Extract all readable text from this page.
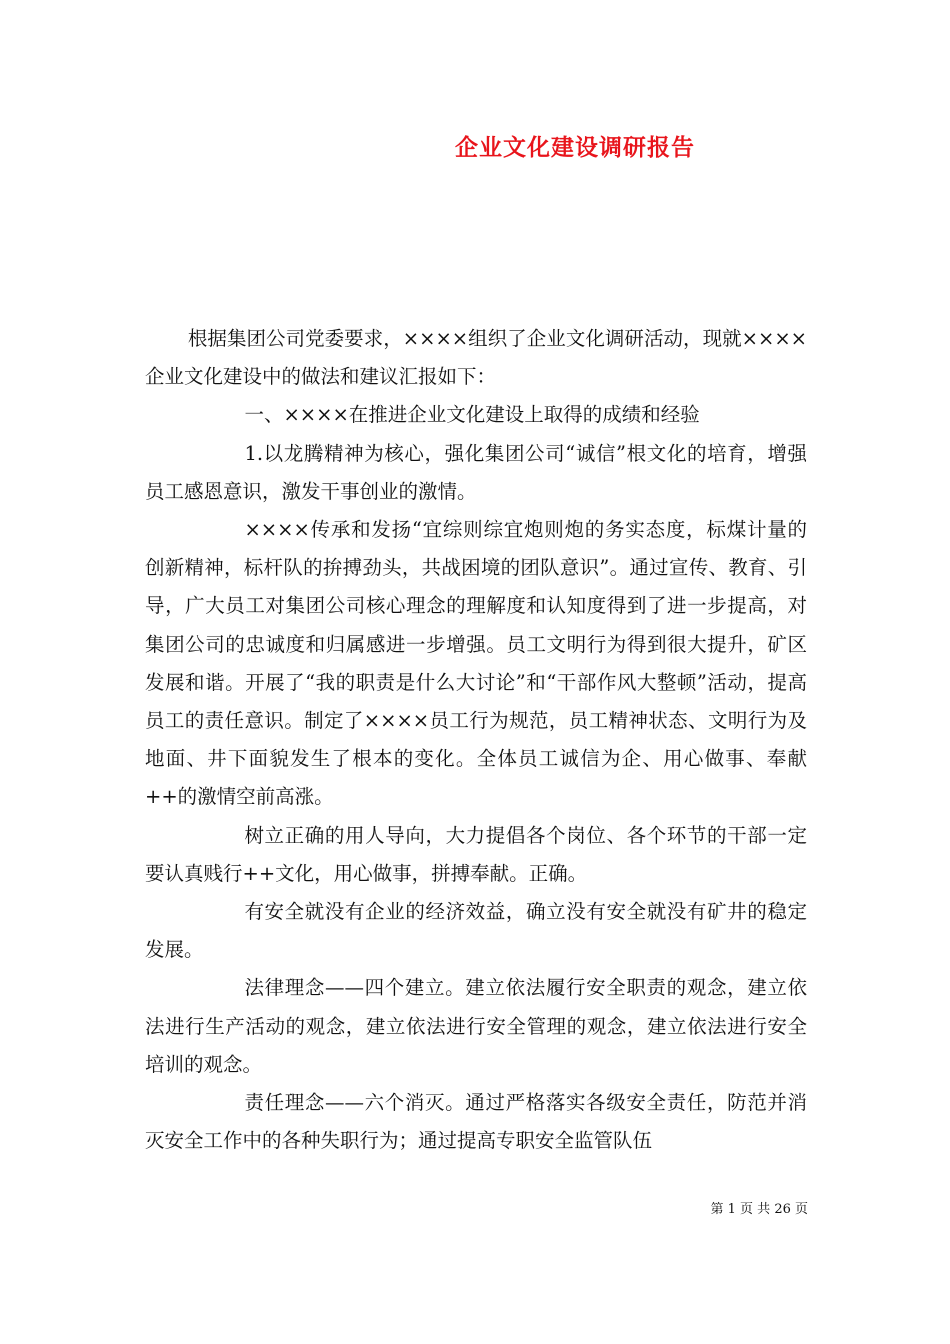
企业文化建设调研报告

根据集团公司党委要求，××××组织了企业文化调研活动，现就××××企业文化建设中的做法和建议汇报如下：

一、××××在推进企业文化建设上取得的成绩和经验

1.以龙腾精神为核心，强化集团公司“诚信”根文化的培育，增强员工感恩意识，激发干事创业的激情。

××××传承和发扬“宜综则综宜炮则炮的务实态度，标煤计量的创新精神，标杆队的拚搏劲头，共战困境的团队意识”。通过宣传、教育、引导，广大员工对集团公司核心理念的理解度和认知度得到了进一步提高，对集团公司的忠诚度和归属感进一步增强。员工文明行为得到很大提升，矿区发展和谐。开展了“我的职责是什么大讨论”和“干部作风大整顿”活动，提高员工的责任意识。制定了××××员工行为规范，员工精神状态、文明行为及地面、井下面貌发生了根本的变化。全体员工诚信为企、用心做事、奉献++的激情空前高涨。

树立正确的用人导向，大力提倡各个岗位、各个环节的干部一定要认真贱行++文化，用心做事，拼搏奉献。正确。

有安全就没有企业的经济效益，确立没有安全就没有矿井的稳定发展。

法律理念——四个建立。建立依法履行安全职责的观念，建立依法进行生产活动的观念，建立依法进行安全管理的观念，建立依法进行安全培训的观念。

责任理念——六个消灭。通过严格落实各级安全责任，防范并消灭安全工作中的各种失职行为；通过提高专职安全监管队伍

第 1 页 共 26 页
